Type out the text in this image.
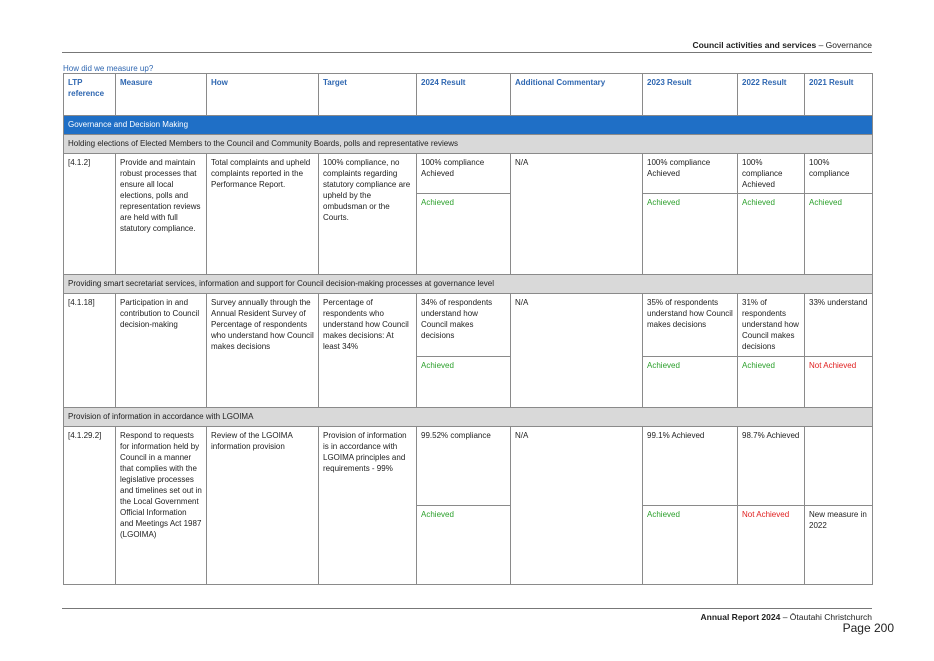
Council activities and services – Governance
How did we measure up?
LTP reference	Measure	How	Target	2024 Result	Additional Commentary	2023 Result	2022 Result	2021 Result
Governance and Decision Making								
Holding elections of Elected Members to the Council and Community Boards, polls and representative reviews								
[4.1.2]	Provide and maintain robust processes that ensure all local elections, polls and representation reviews are held with full statutory compliance.	Total complaints and upheld complaints reported in the Performance Report.	100% compliance, no complaints regarding statutory compliance are upheld by the ombudsman or the Courts.	100% compliance Achieved	N/A	100% compliance Achieved	100% compliance Achieved	100% compliance
				Achieved		Achieved	Achieved	Achieved
Providing smart secretariat services, information and support for Council decision-making processes at governance level								
[4.1.18]	Participation in and contribution to Council decision-making	Survey annually through the Annual Resident Survey of Percentage of respondents who understand how Council makes decisions	Percentage of respondents who understand how Council makes decisions: At least 34%	34% of respondents understand how Council makes decisions	N/A	35% of respondents understand how Council makes decisions	31% of respondents understand how Council makes decisions	33% understand
				Achieved		Achieved	Achieved	Not Achieved
Provision of information in accordance with LGOIMA								
[4.1.29.2]	Respond to requests for information held by Council in a manner that complies with the legislative processes and timelines set out in the Local Government Official Information and Meetings Act 1987 (LGOIMA)	Review of the LGOIMA information provision	Provision of information is in accordance with LGOIMA principles and requirements - 99%	99.52% compliance	N/A	99.1% Achieved	98.7% Achieved	
				Achieved		Achieved	Not Achieved	New measure in 2022
Annual Report 2024 – Ōtautahi Christchurch
Page 200
